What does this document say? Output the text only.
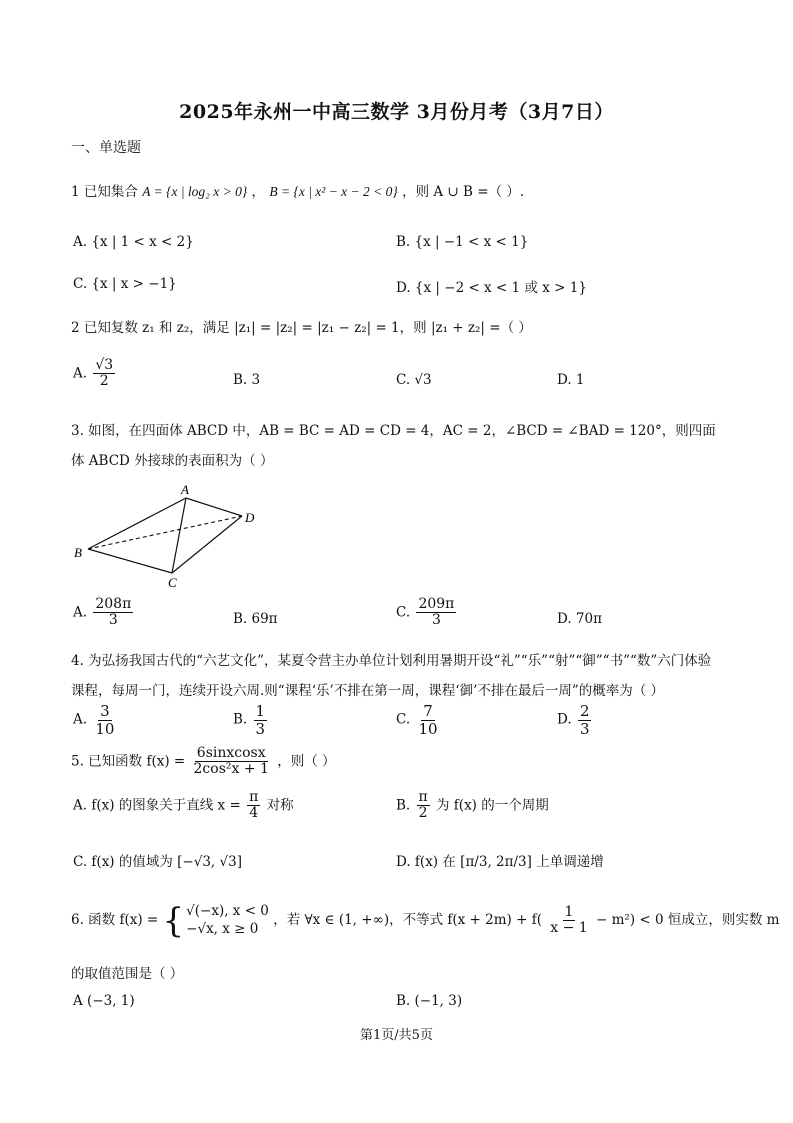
2025年永州一中高三数学 3月份月考（3月7日）
一、单选题
1 已知集合 A = {x | log₂ x > 0} ， B = {x | x² − x − 2 < 0} ，则 A ∪ B =（ ）.
A. {x | 1 < x < 2}	B. {x | −1 < x < 1}
C. {x | x > −1}	D. {x | −2 < x < 1 或 x > 1}
2 已知复数 z₁ 和 z₂，满足 |z₁| = |z₂| = |z₁ − z₂| = 1，则 |z₁ + z₂| =（ ）
A. $\frac{√3}{2}$	B. 3	C. √3	D. 1
3. 如图，在四面体 ABCD 中，AB = BC = AD = CD = 4，AC = 2，∠BCD = ∠BAD = 120°，则四面
体 ABCD 外接球的表面积为（ ）
A
B
C
D
A. $\frac{208\pi}{3}$	B. 69π	C. $\frac{209\pi}{3}$	D. 70π
4. 为弘扬我国古代的“六艺文化”，某夏令营主办单位计划利用暑期开设“礼”“乐”“射”“御”“书”“数”六门体验
课程，每周一门，连续开设六周.则“课程‘乐’不排在第一周，课程‘御’不排在最后一周”的概率为（ ）
A. $\frac{3}{10}$	B. $\frac{1}{3}$	C. $\frac{7}{10}$	D. $\frac{2}{3}$
5. 已知函数 $f(x) = \frac{\text{6sinxcosx}}{\text{2cos²x + 1}}$ ，则（ ）
A. f(x) 的图象关于直线 $x = \frac{\pi}{4}$ 对称	B. $\frac{\pi}{2}$ 为 f(x) 的一个周期
C. f(x) 的值域为 [−√3, √3]	D. f(x) 在 [π/3, 2π/3] 上单调递增
6. 函数 f(x) = { √(−x), x < 0
−√x, x ≥ 0
，若 ∀x ∈ (1, +∞)，不等式 $f(x + 2m) + f( \frac{1}{x - 1} - m^2) < 0$ 恒成立，则实数 m
的取值范围是（ ）
A (−3, 1)	B. (−1, 3)
第1页/共5页
